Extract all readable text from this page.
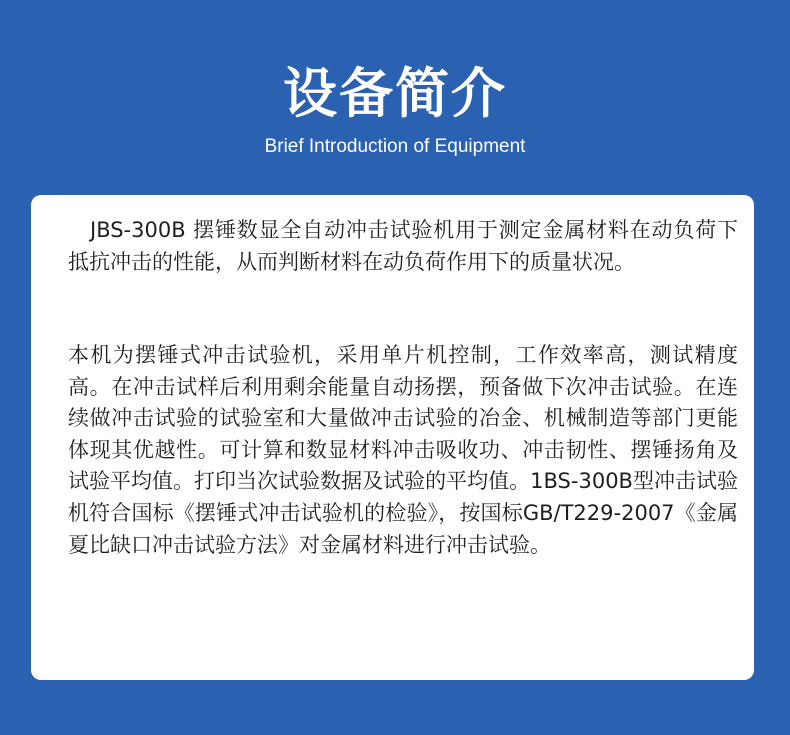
设备简介
Brief Introduction of Equipment

JBS-300B 摆锤数显全自动冲击试验机用于测定金属材料在动负荷下抵抗冲击的性能，从而判断材料在动负荷作用下的质量状况。

本机为摆锤式冲击试验机，采用单片机控制，工作效率高，测试精度高。在冲击试样后利用剩余能量自动扬摆，预备做下次冲击试验。在连续做冲击试验的试验室和大量做冲击试验的冶金、机械制造等部门更能体现其优越性。可计算和数显材料冲击吸收功、冲击韧性、摆锤扬角及试验平均值。打印当次试验数据及试验的平均值。1BS-300B型冲击试验机符合国标《摆锤式冲击试验机的检验》，按国标GB/T229-2007《金属夏比缺口冲击试验方法》对金属材料进行冲击试验。
